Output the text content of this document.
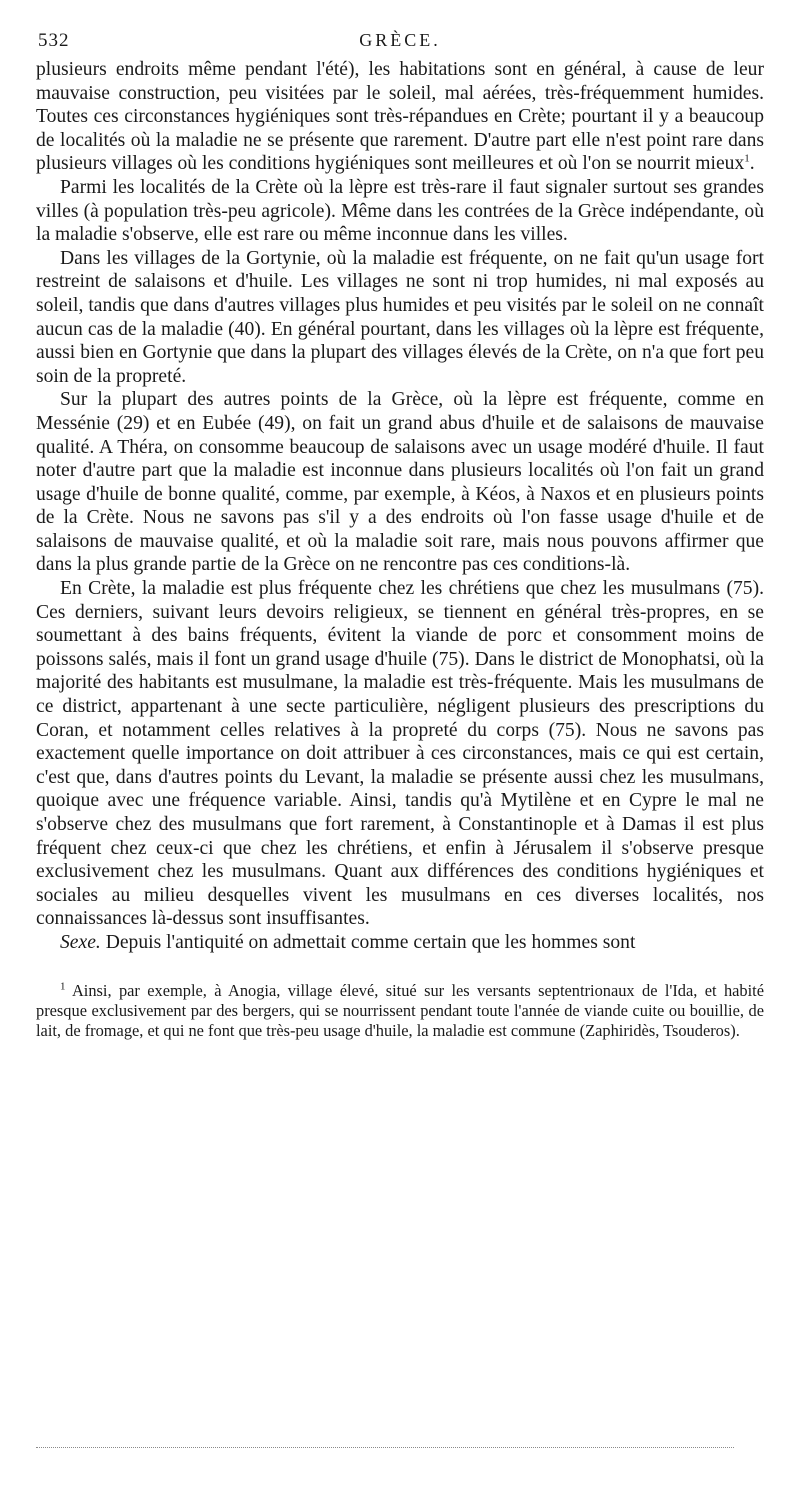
532	GRÈCE.

plusieurs endroits même pendant l'été), les habitations sont en général, à cause de leur mauvaise construction, peu visitées par le soleil, mal aérées, très-fréquemment humides. Toutes ces circonstances hygiéniques sont très-répandues en Crète; pourtant il y a beaucoup de localités où la maladie ne se présente que rarement. D'autre part elle n'est point rare dans plusieurs villages où les conditions hygiéniques sont meilleures et où l'on se nourrit mieux$^1$.

Parmi les localités de la Crète où la lèpre est très-rare il faut signaler surtout ses grandes villes (à population très-peu agricole). Même dans les contrées de la Grèce indépendante, où la maladie s'observe, elle est rare ou même inconnue dans les villes.

Dans les villages de la Gortynie, où la maladie est fréquente, on ne fait qu'un usage fort restreint de salaisons et d'huile. Les villages ne sont ni trop humides, ni mal exposés au soleil, tandis que dans d'autres villages plus humides et peu visités par le soleil on ne connaît aucun cas de la maladie (40). En général pourtant, dans les villages où la lèpre est fréquente, aussi bien en Gortynie que dans la plupart des villages élevés de la Crète, on n'a que fort peu soin de la propreté.

Sur la plupart des autres points de la Grèce, où la lèpre est fréquente, comme en Messénie (29) et en Eubée (49), on fait un grand abus d'huile et de salaisons de mauvaise qualité. A Théra, on consomme beaucoup de salaisons avec un usage modéré d'huile. Il faut noter d'autre part que la maladie est inconnue dans plusieurs localités où l'on fait un grand usage d'huile de bonne qualité, comme, par exemple, à Kéos, à Naxos et en plusieurs points de la Crète. Nous ne savons pas s'il y a des endroits où l'on fasse usage d'huile et de salaisons de mauvaise qualité, et où la maladie soit rare, mais nous pouvons affirmer que dans la plus grande partie de la Grèce on ne rencontre pas ces conditions-là.

En Crète, la maladie est plus fréquente chez les chrétiens que chez les musulmans (75). Ces derniers, suivant leurs devoirs religieux, se tiennent en général très-propres, en se soumettant à des bains fréquents, évitent la viande de porc et consomment moins de poissons salés, mais il font un grand usage d'huile (75). Dans le district de Monophatsi, où la majorité des habitants est musulmane, la maladie est très-fréquente. Mais les musulmans de ce district, appartenant à une secte particulière, négligent plusieurs des prescriptions du Coran, et notamment celles relatives à la propreté du corps (75). Nous ne savons pas exactement quelle importance on doit attribuer à ces circonstances, mais ce qui est certain, c'est que, dans d'autres points du Levant, la maladie se présente aussi chez les musulmans, quoique avec une fréquence variable. Ainsi, tandis qu'à Mytilène et en Cypre le mal ne s'observe chez des musulmans que fort rarement, à Constantinople et à Damas il est plus fréquent chez ceux-ci que chez les chrétiens, et enfin à Jérusalem il s'observe presque exclusivement chez les musulmans. Quant aux différences des conditions hygiéniques et sociales au milieu desquelles vivent les musulmans en ces diverses localités, nos connaissances là-dessus sont insuffisantes.

Sexe. Depuis l'antiquité on admettait comme certain que les hommes sont

$^1$ Ainsi, par exemple, à Anogia, village élevé, situé sur les versants septentrionaux de l'Ida, et habité presque exclusivement par des bergers, qui se nourrissent pendant toute l'année de viande cuite ou bouillie, de lait, de fromage, et qui ne font que très-peu usage d'huile, la maladie est commune (Zaphiridès, Tsouderos).
